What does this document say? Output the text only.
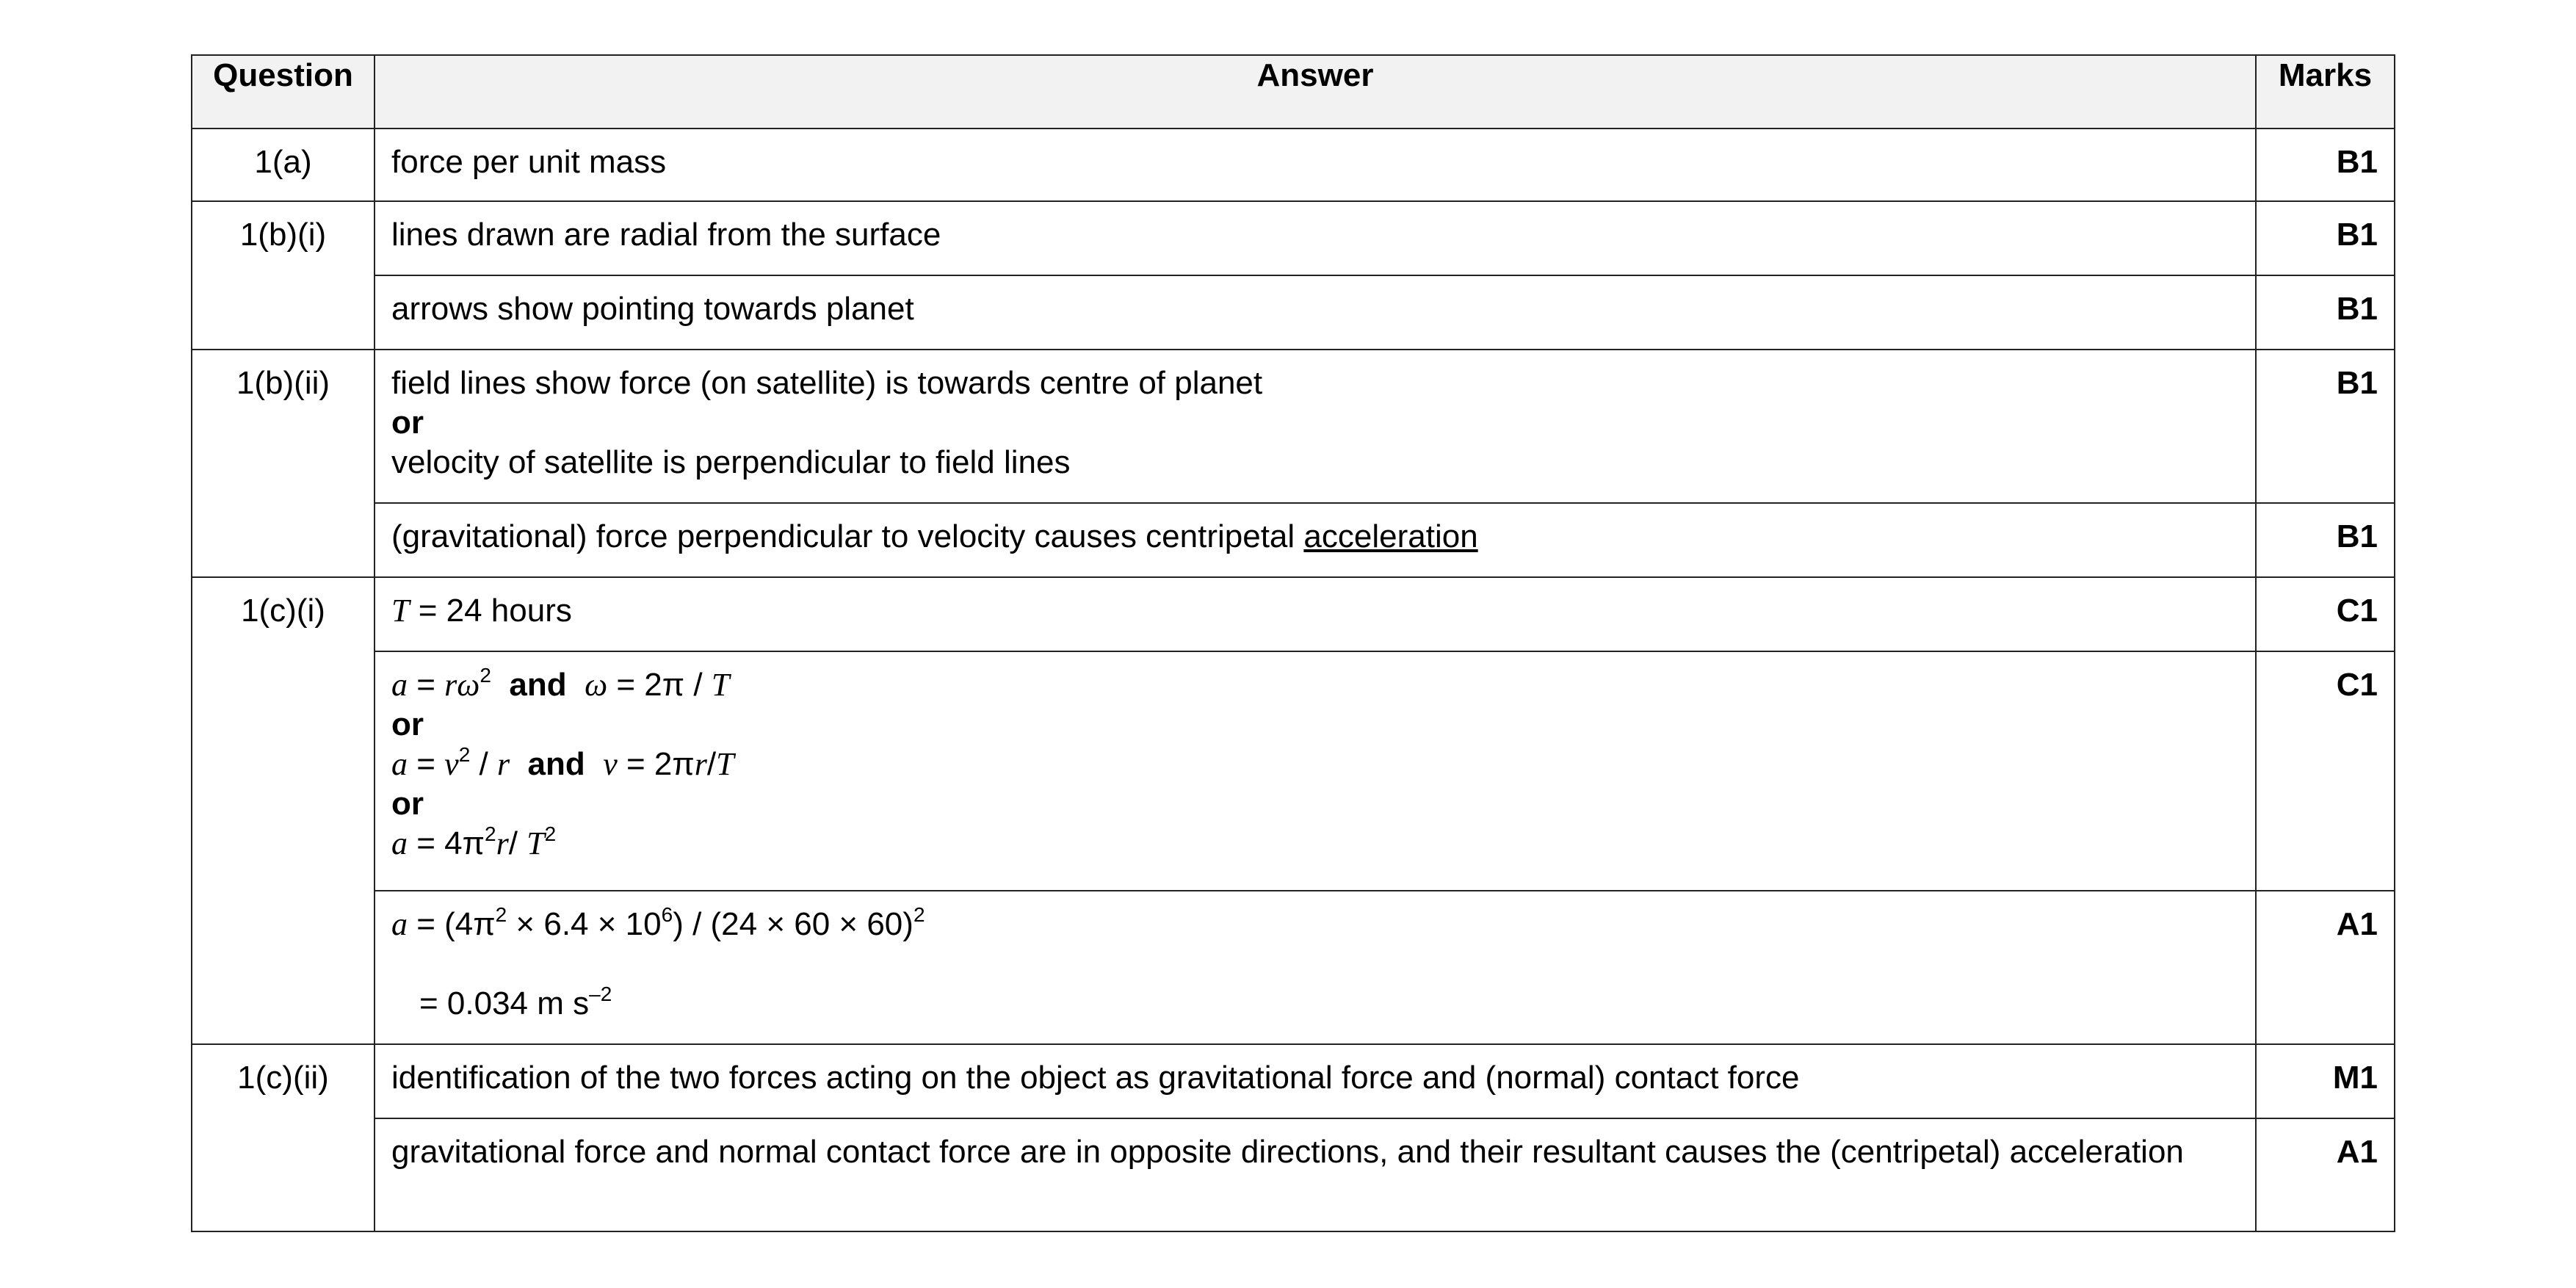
Question	Answer	Marks
1(a)	force per unit mass	B1
1(b)(i)	lines drawn are radial from the surface	B1
	arrows show pointing towards planet	B1
1(b)(ii)	field lines show force (on satellite) is towards centre of planet
or
velocity of satellite is perpendicular to field lines	B1
	(gravitational) force perpendicular to velocity causes centripetal acceleration	B1
1(c)(i)	T = 24 hours	C1

	$a = r\omega^2$ and ω = 2π / T
or
$a = v^2 / r$ and v = 2πr/T
or
$a = 4\pi^2r/$ $T^2$	C1

	$a = (4\pi^2 \times 6.4 \times 10^6) / (24 \times 60 \times 60)^2$
= 0.034 m $s^{-2}$	A1
1(c)(ii)	identification of the two forces acting on the object as gravitational force and (normal) contact force	M1
	gravitational force and normal contact force are in opposite directions, and their resultant causes the (centripetal) acceleration	A1
